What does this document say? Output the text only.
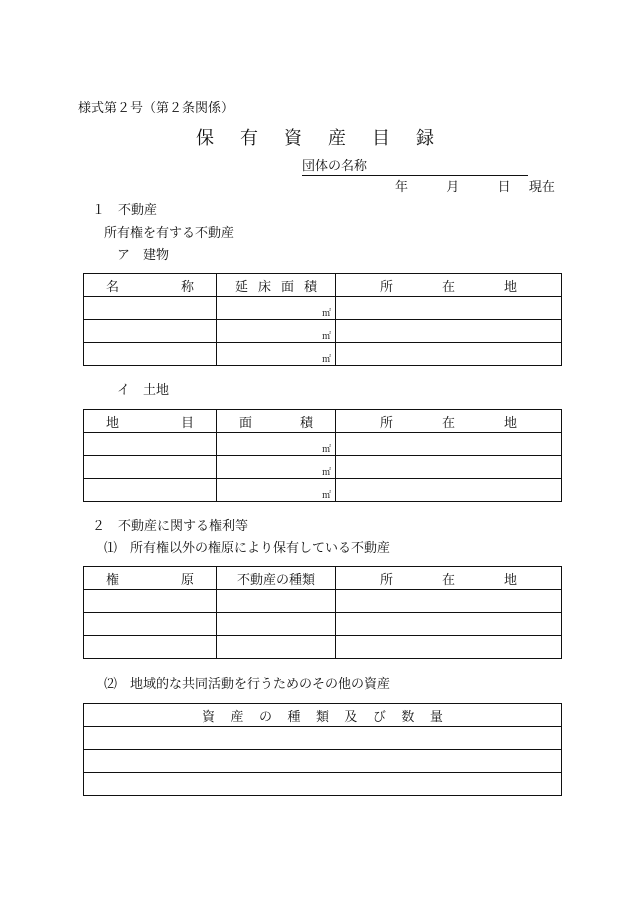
様式第２号（第２条関係）
保有資産目録
団体の名称
年	月	日 現在
１　不動産
所有権を有する不動産
ア　建物
名 称	延 床 面 積	所 在 地

	㎡	
	㎡	
	㎡	
イ　土地
地 目	面 積	所 在 地

	㎡	
	㎡	
	㎡	
２　不動産に関する権利等
⑴　所有権以外の権原により保有している不動産
権 原	不動産の種類	所 在 地

⑵　地域的な共同活動を行うためのその他の資産
資 産 の 種 類 及 び 数 量
